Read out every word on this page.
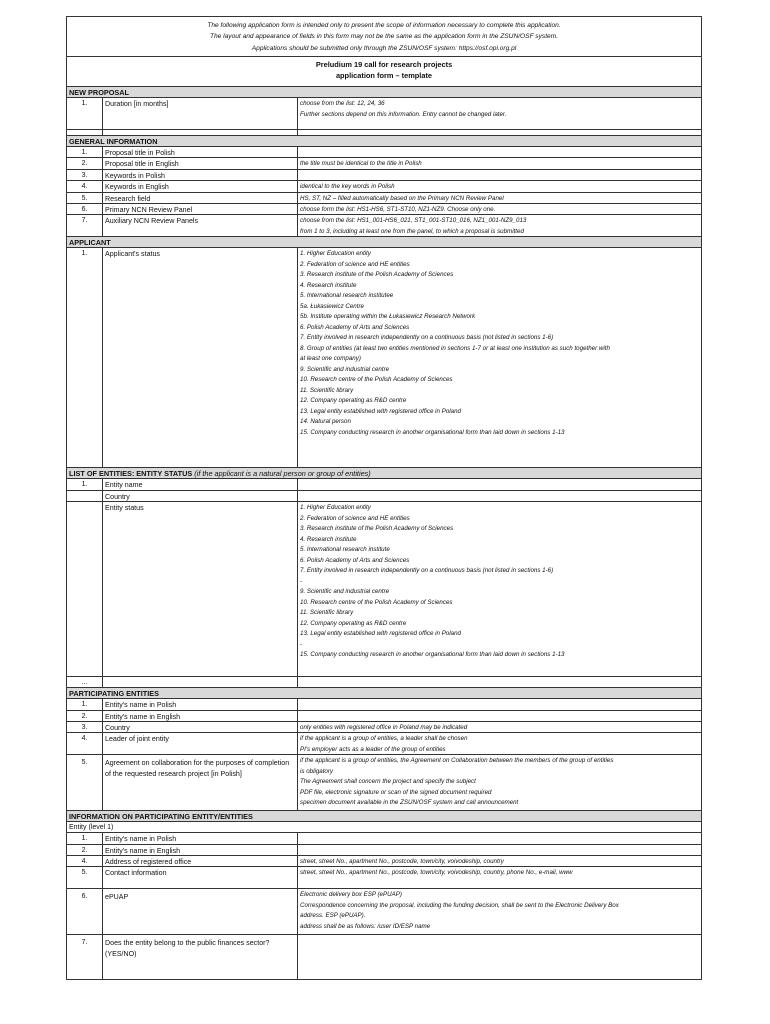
The following application form is intended only to present the scope of information necessary to complete this application.
The layout and appearance of fields in this form may not be the same as the application form in the ZSUN/OSF system.
Applications should be submitted only through the ZSUN/OSF system: https://osf.opi.org.pl
Preludium 19 call for research projects
application form – template
NEW PROPOSAL
1.	Duration [in months]	choose from the list: 12, 24, 36
Further sections depend on this information. Entry cannot be changed later.
GENERAL INFORMATION
1.	Proposal title in Polish
2.	Proposal title in English	the title must be identical to the title in Polish
3.	Keywords in Polish
4.	Keywords in English	identical to the key words in Polish
5.	Research field	HS, ST, NZ – filled automatically based on the Primary NCN Review Panel
6.	Primary NCN Review Panel	choose form the list: HS1-HS6, ST1-ST10, NZ1-NZ9. Choose only one.
7.	Auxiliary NCN Review Panels	choose from the list: HS1_001-HS6_021, ST1_001-ST10_016, NZ1_001-NZ9_013
from 1 to 3, including at least one from the panel, to which a proposal is submitted
APPLICANT
1.	Applicant's status	1. Higher Education entity
2. Federation of science and HE entities
3. Research institute of the Polish Academy of Sciences
4. Research institute
5. International research institutee
5a. Łukasiewicz Centre
5b. Institute operating within the Łukasiewicz Research Network
6. Polish Academy of Arts and Sciences
7. Entity involved in research independently on a continuous basis (not listed in sections 1-6)
8. Group of entities (at least two entities mentioned in sections 1-7 or at least one institution as such together with
at least one company)
9. Scientific and industrial centre
10. Research centre of the Polish Academy of Sciences
11. Scientific library
12. Company operating as R&D centre
13. Legal entity established with registered office in Poland
14. Natural person
15. Company conducting research in another organisational form than laid down in sections 1-13
LIST OF ENTITIES: ENTITY STATUS (if the applicant is a natural person or group of entities)
1.	Entity name
Country
Entity status	1. Higher Education entity
2. Federation of science and HE entities
3. Research institute of the Polish Academy of Sciences
4. Research institute
5. International research institute
6. Polish Academy of Arts and Sciences
7. Entity involved in research independently on a continuous basis (not listed in sections 1-6)
-
9. Scientific and industrial centre
10. Research centre of the Polish Academy of Sciences
11. Scientific library
12. Company operating as R&D centre
13. Legal entity established with registered office in Poland
-
15. Company conducting research in another organisational form than laid down in sections 1-13
...
PARTICIPATING ENTITIES
1.	Entity's name in Polish
2.	Entity's name in English
3.	Country	only entities with registered office in Poland may be indicated
4.	Leader of joint entity	if the applicant is a group of entities, a leader shall be chosen
PI's employer acts as a leader of the group of entities
5.	Agreement on collaboration for the purposes of completion of the requested research project [in Polish]
if the applicant is a group of entities, the Agreement on Collaboration between the members of the group of entities
is obligatory
The Agreement shall concern the project and specify the subject
PDF file, electronic signature or scan of the signed document required
specimen document available in the ZSUN/OSF system and call announcement
INFORMATION ON PARTICIPATING ENTITY/ENTITIES
Entity (level 1)
1.	Entity's name in Polish
2.	Entity's name in English
4.	Address of registered office	street, street No., apartment No., postcode, town/city, voivodeship, country
5.	Contact information	street, street No., apartment No., postcode, town/city, voivodeship, country, phone No., e-mail, www
6.	ePUAP	Electronic delivery box ESP (ePUAP)
Correspondence concerning the proposal, including the funding decision, shall be sent to the Electronic Delivery Box
address. ESP (ePUAP).
address shall be as follows: /user ID/ESP name
7.	Does the entity belong to the public finances sector? (YES/NO)
